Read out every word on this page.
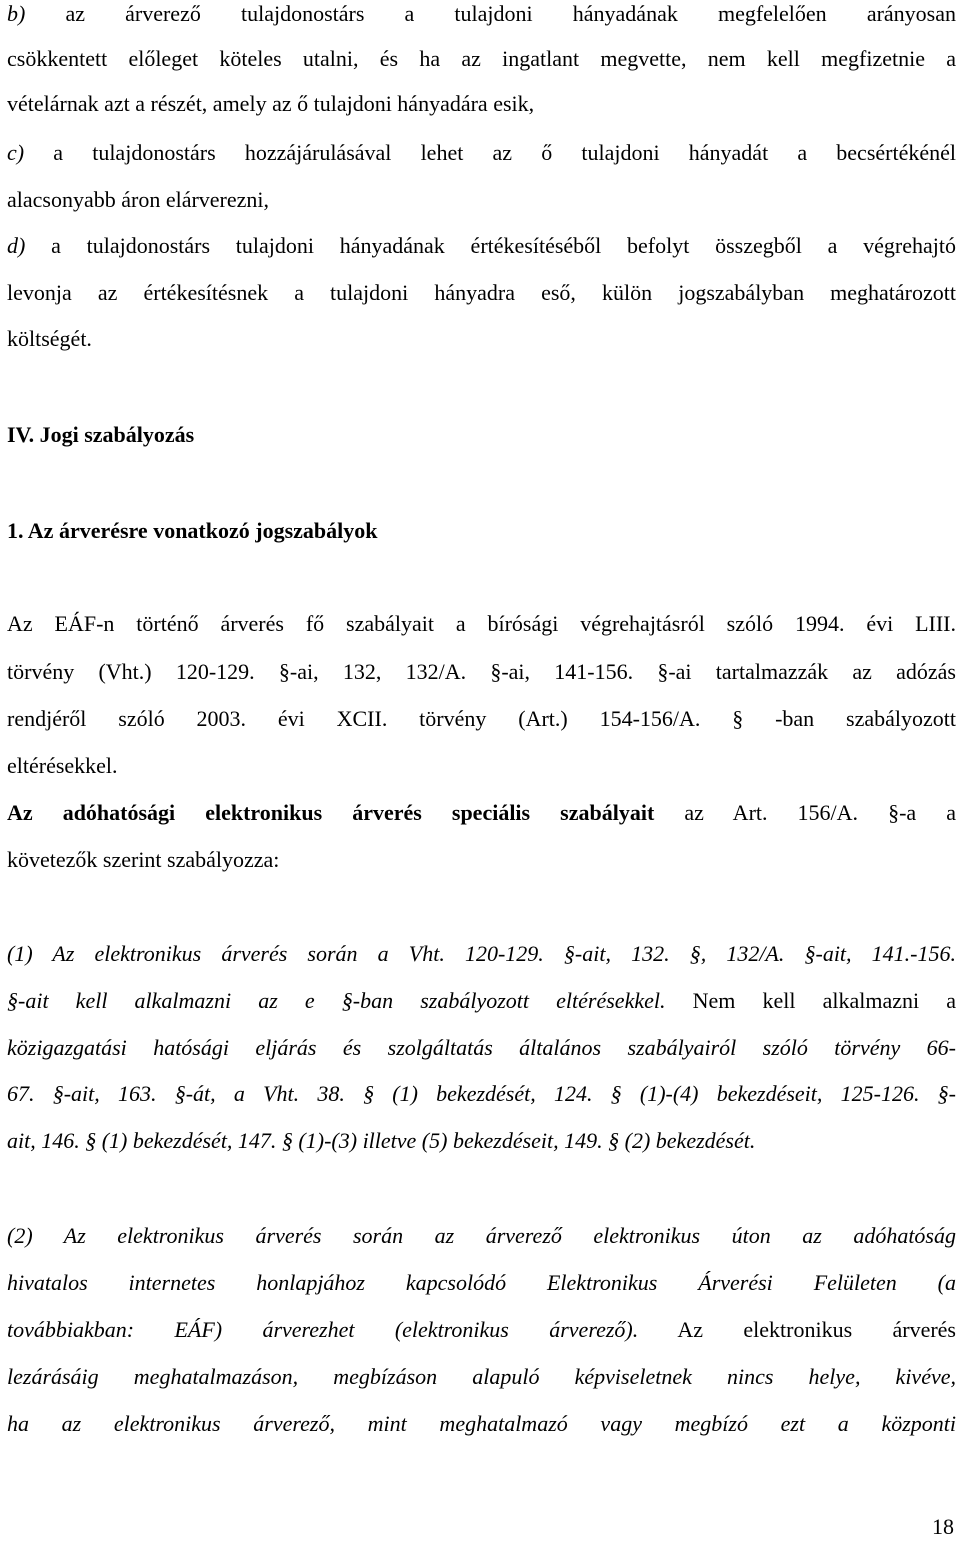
b) az árverező tulajdonostárs a tulajdoni hányadának megfelelően arányosan
csökkentett előleget köteles utalni, és ha az ingatlant megvette, nem kell megfizetnie a
vételárnak azt a részét, amely az ő tulajdoni hányadára esik,
c) a tulajdonostárs hozzájárulásával lehet az ő tulajdoni hányadát a becsértékénél
alacsonyabb áron elárverezni,
d) a tulajdonostárs tulajdoni hányadának értékesítéséből befolyt összegből a végrehajtó
levonja az értékesítésnek a tulajdoni hányadra eső, külön jogszabályban meghatározott
költségét.
IV. Jogi szabályozás
1. Az árverésre vonatkozó jogszabályok
Az EÁF-n történő árverés fő szabályait a bírósági végrehajtásról szóló 1994. évi LIII.
törvény (Vht.) 120-129. §-ai, 132, 132/A. §-ai, 141-156. §-ai tartalmazzák az adózás
rendjéről szóló 2003. évi XCII. törvény (Art.) 154-156/A. § -ban szabályozott
eltérésekkel.
Az adóhatósági elektronikus árverés speciális szabályait az Art. 156/A. §-a a
követezők szerint szabályozza:
(1) Az elektronikus árverés során a Vht. 120-129. §-ait, 132. §, 132/A. §-ait, 141.-156.
§-ait kell alkalmazni az e §-ban szabályozott eltérésekkel. Nem kell alkalmazni a
közigazgatási hatósági eljárás és szolgáltatás általános szabályairól szóló törvény 66-
67. §-ait, 163. §-át, a Vht. 38. § (1) bekezdését, 124. § (1)-(4) bekezdéseit, 125-126. §-
ait, 146. § (1) bekezdését, 147. § (1)-(3) illetve (5) bekezdéseit, 149. § (2) bekezdését.
(2) Az elektronikus árverés során az árverező elektronikus úton az adóhatóság
hivatalos internetes honlapjához kapcsolódó Elektronikus Árverési Felületen (a
továbbiakban: EÁF) árverezhet (elektronikus árverező). Az elektronikus árverés
lezárásáig meghatalmazáson, megbízáson alapuló képviseletnek nincs helye, kivéve,
ha az elektronikus árverező, mint meghatalmazó vagy megbízó ezt a központi
18
